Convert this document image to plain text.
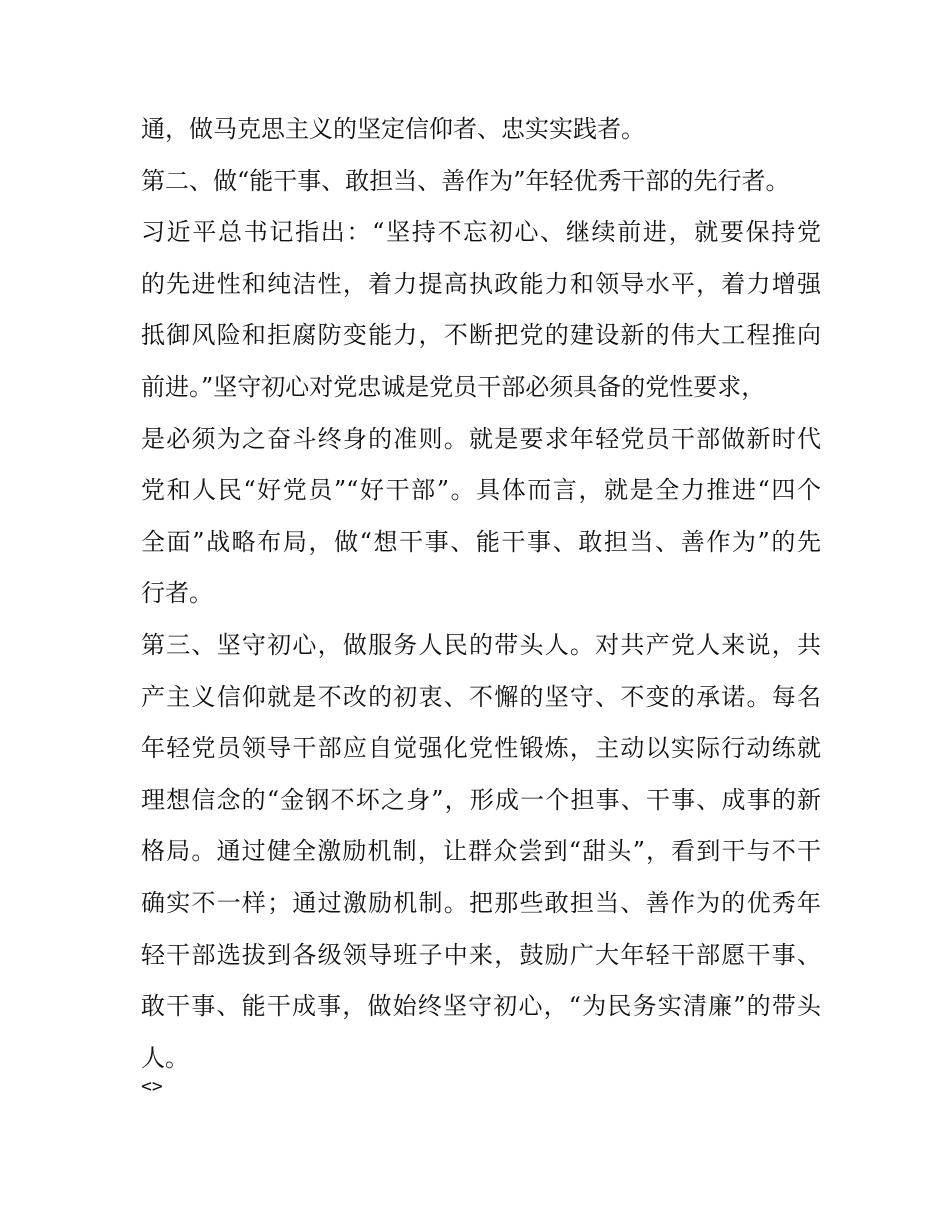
通，做马克思主义的坚定信仰者、忠实实践者。
第二、做“能干事、敢担当、善作为”年轻优秀干部的先行者。
习近平总书记指出：“坚持不忘初心、继续前进，就要保持党
的先进性和纯洁性，着力提高执政能力和领导水平，着力增强
抵御风险和拒腐防变能力，不断把党的建设新的伟大工程推向
前进。”坚守初心对党忠诚是党员干部必须具备的党性要求，
是必须为之奋斗终身的准则。就是要求年轻党员干部做新时代
党和人民“好党员”“好干部”。具体而言，就是全力推进“四个
全面”战略布局，做“想干事、能干事、敢担当、善作为”的先
行者。
第三、坚守初心，做服务人民的带头人。对共产党人来说，共
产主义信仰就是不改的初衷、不懈的坚守、不变的承诺。每名
年轻党员领导干部应自觉强化党性锻炼，主动以实际行动练就
理想信念的“金钢不坏之身”，形成一个担事、干事、成事的新
格局。通过健全激励机制，让群众尝到“甜头”，看到干与不干
确实不一样；通过激励机制。把那些敢担当、善作为的优秀年
轻干部选拔到各级领导班子中来，鼓励广大年轻干部愿干事、
敢干事、能干成事，做始终坚守初心，“为民务实清廉”的带头
人。
<>
